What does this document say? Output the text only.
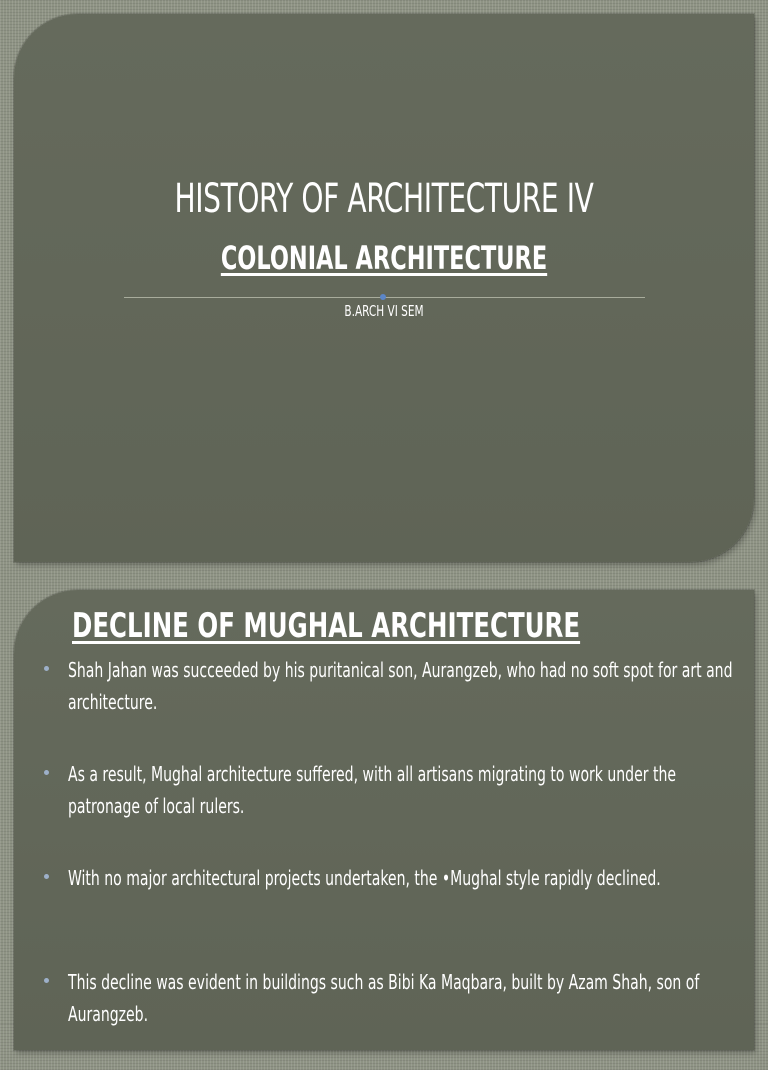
HISTORY OF ARCHITECTURE IV
COLONIAL ARCHITECTURE

B.ARCH VI SEM

DECLINE OF MUGHAL ARCHITECTURE
Shah Jahan was succeeded by his puritanical son, Aurangzeb, who had no soft spot for art and architecture.
As a result, Mughal architecture suffered, with all artisans migrating to work under the patronage of local rulers.
With no major architectural projects undertaken, the •Mughal style rapidly declined.
This decline was evident in buildings such as Bibi Ka Maqbara, built by Azam Shah, son of Aurangzeb.
